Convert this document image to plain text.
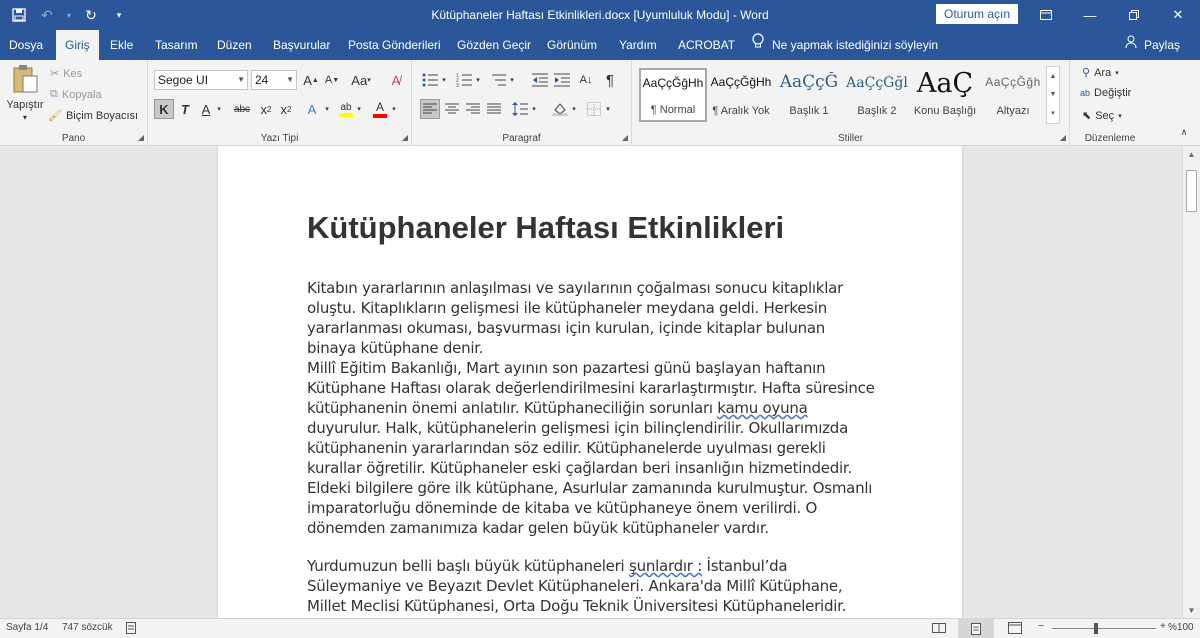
↶	▾	↻	▾	Kütüphaneler Haftası Etkinlikleri.docx [Uyumluluk Modu] - Word	Oturum açın	—	✕
Dosya	Giriş	Ekle	Tasarım	Düzen	Başvurular	Posta Gönderileri	Gözden Geçir	Görünüm	Yardım	ACROBAT	Ne yapmak istediğinizi söyleyin	Paylaş
Yapıştır
▾
✂ Kes
⧉ Kopyala
🖌 Biçim Boyacısı
Pano	◢
Segoe UI	▼ 24 ▼ A ▲ A ▼ Aa ▾	A̸
K T A ▾	abc x 2 x 2	A	▾	ab ▾ A	▾
Yazı Tipi	◢
▾
1
2
3
▾	▾	A↓ ¶
▾	▾	▾
Paragraf	◢	Stiller	◢
AaÇçĞğHh
¶ Normal
AaÇçĞğHh
¶ Aralık Yok
AaÇçĞ
Başlık 1
AaÇçĞğl
Başlık 2
AaÇ
Konu Başlığı
AaÇçĞğh
Altyazı
▲
▼
▾
⚲ Ara ▾
ab Değiştir
⬉ Seç ▾
Düzenleme
∧
Kütüphaneler Haftası Etkinlikleri
Kitabın yararlarının anlaşılması ve sayılarının çoğalması sonucu kitaplıklar oluştu. Kitaplıkların gelişmesi ile kütüphaneler meydana geldi. Herkesin yararlanması okuması, başvurması için kurulan, içinde kitaplar bulunan binaya kütüphane denir.
Millî Eğitim Bakanlığı, Mart ayının son pazartesi günü başlayan haftanın Kütüphane Haftası olarak değerlendirilmesini kararlaştırmıştır. Hafta süresince kütüphanenin önemi anlatılır. Kütüphaneciliğin sorunları kamu oyuna duyurulur. Halk, kütüphanelerin gelişmesi için bilinçlendirilir. Okullarımızda kütüphanenin yararlarından söz edilir. Kütüphanelerde uyulması gerekli kurallar öğretilir. Kütüphaneler eski çağlardan beri insanlığın hizmetindedir. Eldeki bilgilere göre ilk kütüphane, Asurlular zamanında kurulmuştur. Osmanlı imparatorluğu döneminde de kitaba ve kütüphaneye önem verilirdi. O dönemden zamanımıza kadar gelen büyük kütüphaneler vardır.
Yurdumuzun belli başlı büyük kütüphaneleri şunlardır : İstanbul’da Süleymaniye ve Beyazıt Devlet Kütüphaneleri. Ankara'da Millî Kütüphane, Millet Meclisi Kütüphanesi, Orta Doğu Teknik Üniversitesi Kütüphaneleridir.
▲
▼
Sayfa 1/4 747 sözcük	−	+ %100
